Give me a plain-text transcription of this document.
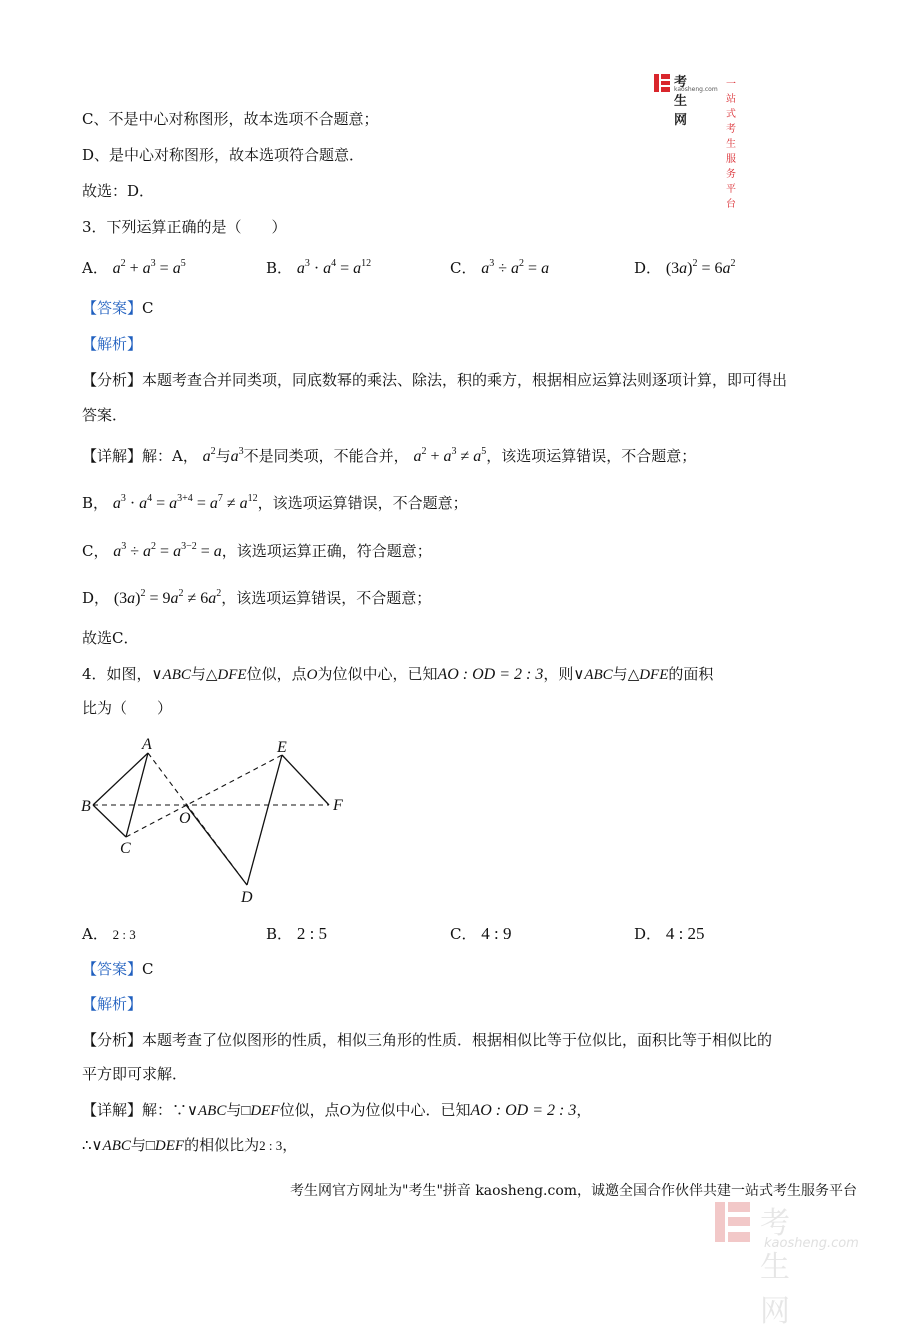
考生网
kaosheng.com 一站式考生服务平台
C、不是中心对称图形，故本选项不合题意；
D、是中心对称图形，故本选项符合题意．
故选：D．
3．下列运算正确的是（　　）
A． $a^2 + a^3 = a^5$	B． $a^3 \cdot a^4 = a^{12}$	C． $a^3 \div a^2 = a$	D． $(3a)^2 = 6a^2$
【答案】C
【解析】
【分析】本题考查合并同类项，同底数幂的乘法、除法，积的乘方，根据相应运算法则逐项计算，即可得出
答案．
【详解】解：A， $a^2$与$a^3$不是同类项，不能合并， $a^2 + a^3 \ne a^5$，该选项运算错误，不合题意；
B， $a^3 \cdot a^4 = a^{3+4} = a^7 \ne a^{12}$，该选项运算错误，不合题意；
C， $a^3 \div a^2 = a^{3-2} = a$，该选项运算正确，符合题意；
D， $(3a)^2 = 9a^2 \ne 6a^2$，该选项运算错误，不合题意；
故选C．
4．如图，∨ABC与△DFE位似，点O为位似中心，已知AO : OD = 2 : 3，则∨ABC与△DFE的面积
比为（　　）
A
B
C
O
E
F
D
A． 2 : 3	B． 2 : 5	C． 4 : 9	D． 4 : 25
【答案】C
【解析】
【分析】本题考查了位似图形的性质，相似三角形的性质．根据相似比等于位似比，面积比等于相似比的
平方即可求解．
【详解】解：∵∨ABC与□DEF位似，点O为位似中心．已知AO : OD = 2 : 3，
∴∨ABC与□DEF的相似比为2 : 3，
考生网官方网址为"考生"拼音 kaosheng.com，诚邀全国合作伙伴共建一站式考生服务平台
考生网
kaosheng.com
